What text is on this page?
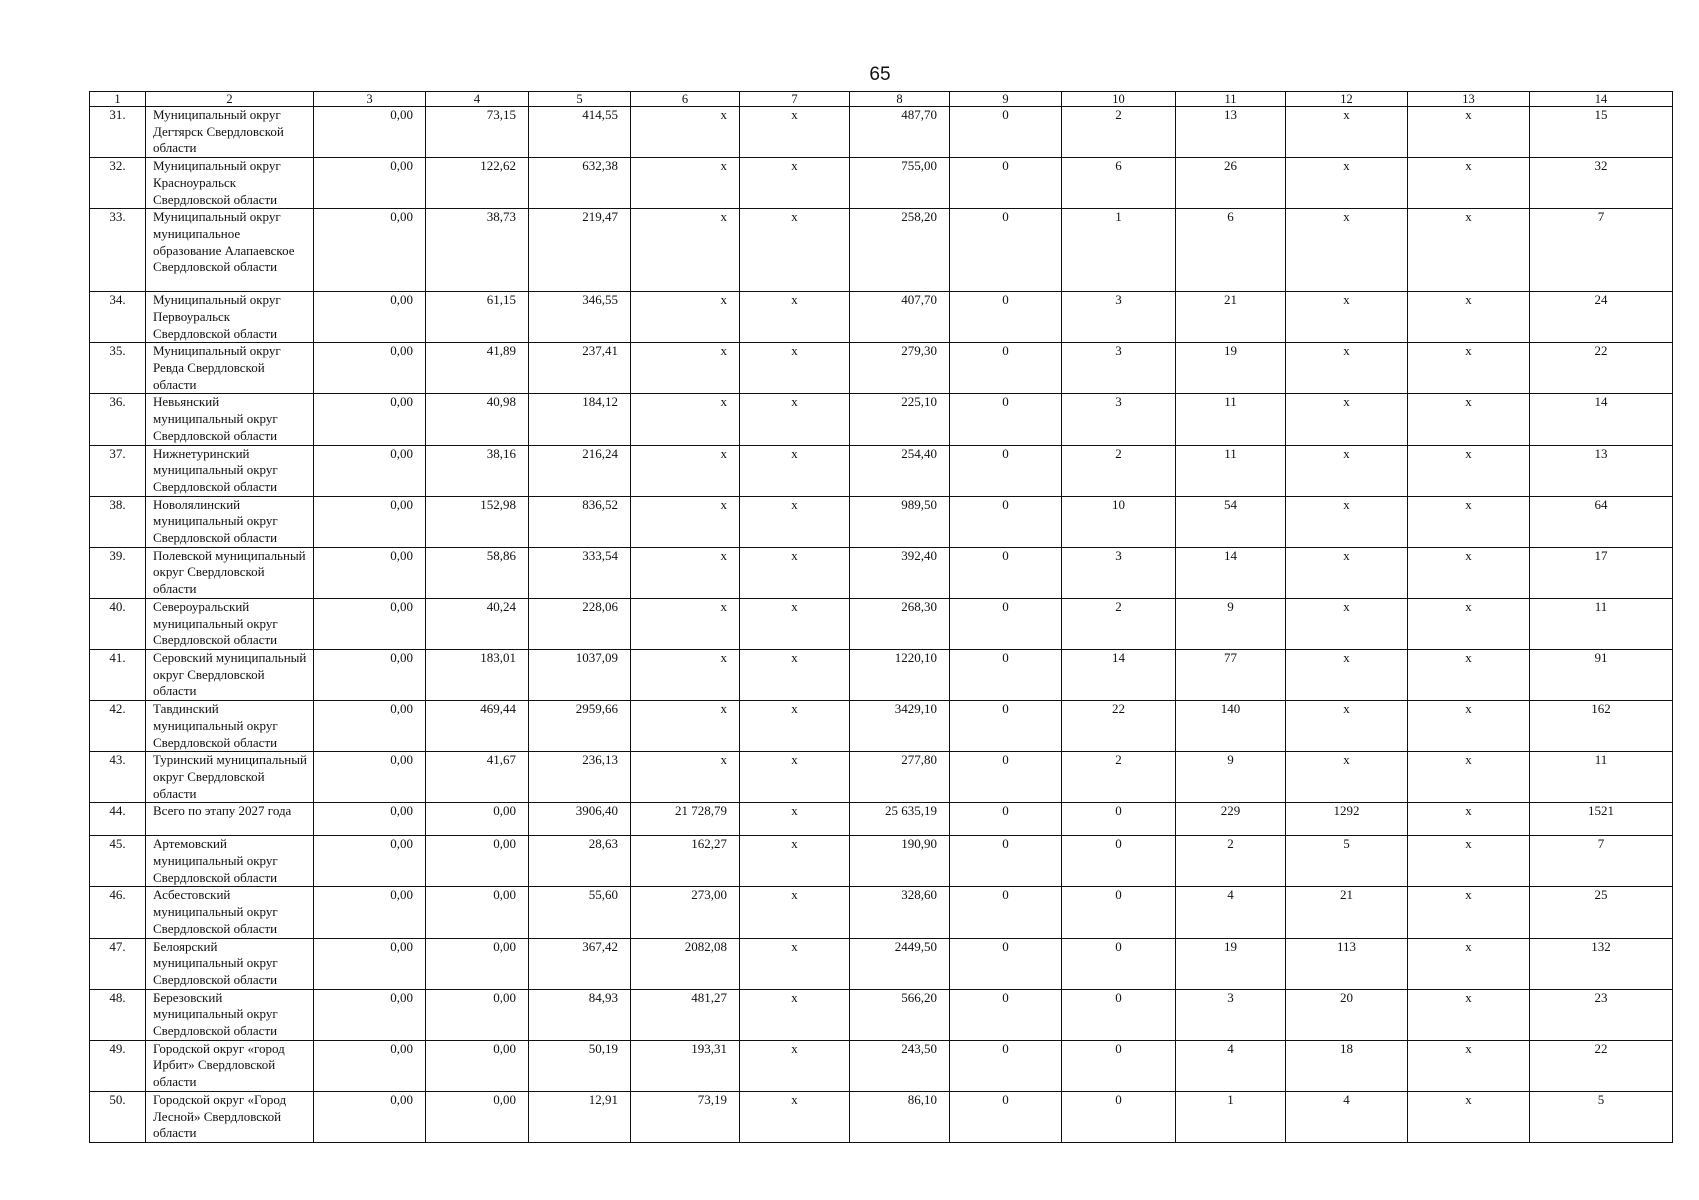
65
1	2	3	4	5	6	7	8	9	10	11	12	13	14
31.	Муниципальный округ Дегтярск Свердловской области	0,00	73,15	414,55	х	х	487,70	0	2	13	х	х	15
32.	Муниципальный округ Красноуральск Свердловской области	0,00	122,62	632,38	х	х	755,00	0	6	26	х	х	32
33.	Муниципальный округ муниципальное образование Алапаевское Свердловской области	0,00	38,73	219,47	х	х	258,20	0	1	6	х	х	7
34.	Муниципальный округ Первоуральск Свердловской области	0,00	61,15	346,55	х	х	407,70	0	3	21	х	х	24
35.	Муниципальный округ Ревда Свердловской области	0,00	41,89	237,41	х	х	279,30	0	3	19	х	х	22
36.	Невьянский муниципальный округ Свердловской области	0,00	40,98	184,12	х	х	225,10	0	3	11	х	х	14
37.	Нижнетуринский муниципальный округ Свердловской области	0,00	38,16	216,24	х	х	254,40	0	2	11	х	х	13
38.	Новолялинский муниципальный округ Свердловской области	0,00	152,98	836,52	х	х	989,50	0	10	54	х	х	64
39.	Полевской муниципальный округ Свердловской области	0,00	58,86	333,54	х	х	392,40	0	3	14	х	х	17
40.	Североуральский муниципальный округ Свердловской области	0,00	40,24	228,06	х	х	268,30	0	2	9	х	х	11
41.	Серовский муниципальный округ Свердловской области	0,00	183,01	1037,09	х	х	1220,10	0	14	77	х	х	91
42.	Тавдинский муниципальный округ Свердловской области	0,00	469,44	2959,66	х	х	3429,10	0	22	140	х	х	162
43.	Туринский муниципальный округ Свердловской области	0,00	41,67	236,13	х	х	277,80	0	2	9	х	х	11
44.	Всего по этапу 2027 года	0,00	0,00	3906,40	21 728,79	х	25 635,19	0	0	229	1292	х	1521
45.	Артемовский муниципальный округ Свердловской области	0,00	0,00	28,63	162,27	х	190,90	0	0	2	5	х	7
46.	Асбестовский муниципальный округ Свердловской области	0,00	0,00	55,60	273,00	х	328,60	0	0	4	21	х	25
47.	Белоярский муниципальный округ Свердловской области	0,00	0,00	367,42	2082,08	х	2449,50	0	0	19	113	х	132
48.	Березовский муниципальный округ Свердловской области	0,00	0,00	84,93	481,27	х	566,20	0	0	3	20	х	23
49.	Городской округ «город Ирбит» Свердловской области	0,00	0,00	50,19	193,31	х	243,50	0	0	4	18	х	22
50.	Городской округ «Город Лесной» Свердловской области	0,00	0,00	12,91	73,19	х	86,10	0	0	1	4	х	5
